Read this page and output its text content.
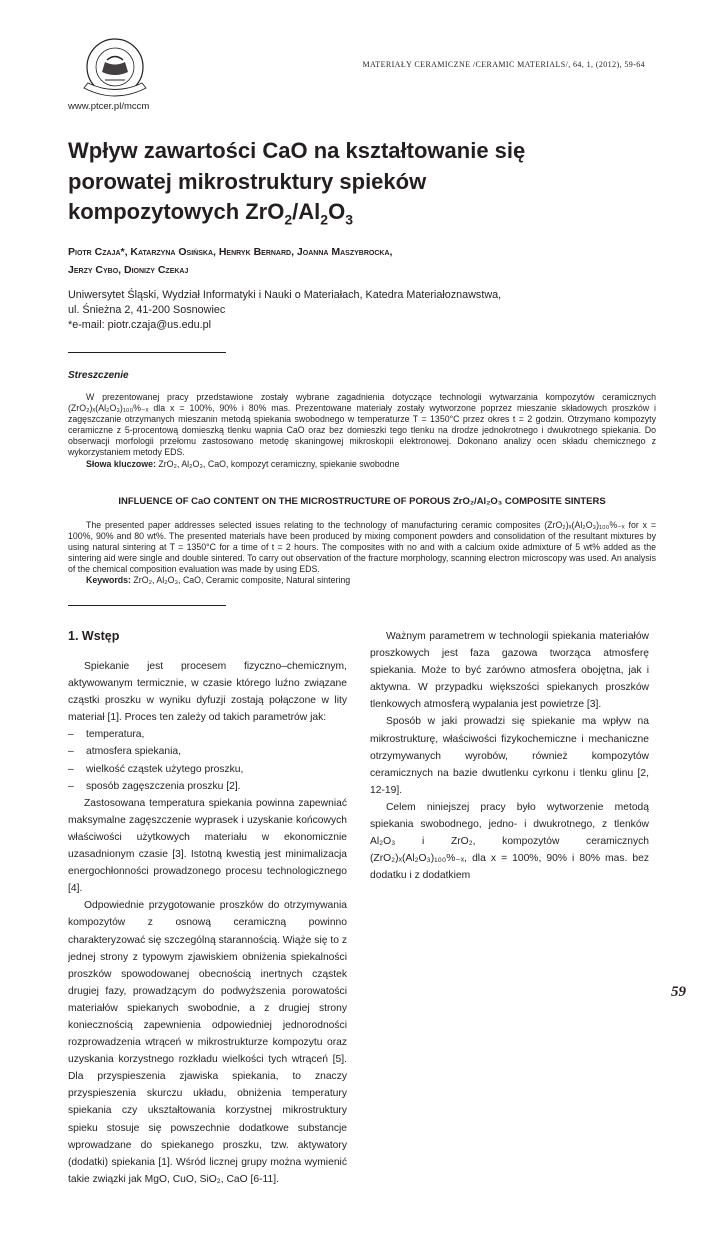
www.ptcer.pl/mccm
MATERIAŁY CERAMICZNE /CERAMIC MATERIALS/, 64, 1, (2012), 59-64
Wpływ zawartości CaO na kształtowanie się
porowatej mikrostruktury spieków
kompozytowych $ZrO_2/Al_2O_3$
Piotr Czaja*, Katarzyna Osińska, Henryk Bernard, Joanna Maszybrocka,
Jerzy Cybo, Dionizy Czekaj
Uniwersytet Śląski, Wydział Informatyki i Nauki o Materiałach, Katedra Materiałoznawstwa,
ul. Śnieżna 2, 41-200 Sosnowiec
*e-mail: piotr.czaja@us.edu.pl
Streszczenie

W prezentowanej pracy przedstawione zostały wybrane zagadnienia dotyczące technologii wytwarzania kompozytów ceramicznych (ZrO₂)ₓ(Al₂O₃)₁₀₀%₋ₓ dla x = 100%, 90% i 80% mas. Prezentowane materiały zostały wytworzone poprzez mieszanie składowych proszków i zagęszczanie otrzymanych mieszanin metodą spiekania swobodnego w temperaturze T = 1350°C przez okres t = 2 godzin. Otrzymano kompozyty ceramiczne z 5-procentową domieszką tlenku wapnia CaO oraz bez domieszki tego tlenku na drodze jednokrotnego i dwukrotnego spiekania. Do obserwacji morfologii przełomu zastosowano metodę skaningowej mikroskopii elektronowej. Dokonano analizy ocen składu chemicznego z wykorzystaniem metody EDS.

Słowa kluczowe: ZrO₂, Al₂O₃, CaO, kompozyt ceramiczny, spiekanie swobodne

INFLUENCE OF CaO CONTENT ON THE MICROSTRUCTURE OF POROUS ZrO₂/Al₂O₃ COMPOSITE SINTERS

The presented paper addresses selected issues relating to the technology of manufacturing ceramic composites (ZrO₂)ₓ(Al₂O₃)₁₀₀%₋ₓ for x = 100%, 90% and 80 wt%. The presented materials have been produced by mixing component powders and consolidation of the resultant mixtures by using natural sintering at T = 1350°C for a time of t = 2 hours. The composites with no and with a calcium oxide admixture of 5 wt% added as the sintering aid were single and double sintered. To carry out observation of the fracture morphology, scanning electron microscopy was used. An analysis of the chemical composition evaluation was made by using EDS.

Keywords: ZrO₂, Al₂O₃, CaO, Ceramic composite, Natural sintering

1. Wstęp

Spiekanie jest procesem fizyczno–chemicznym, aktywowanym termicznie, w czasie którego luźno związane cząstki proszku w wyniku dyfuzji zostają połączone w lity materiał [1]. Proces ten zależy od takich parametrów jak:

– temperatura,
– atmosfera spiekania,
– wielkość cząstek użytego proszku,
– sposób zagęszczenia proszku [2].

Zastosowana temperatura spiekania powinna zapewniać maksymalne zagęszczenie wyprasek i uzyskanie końcowych właściwości użytkowych materiału w ekonomicznie uzasadnionym czasie [3]. Istotną kwestią jest minimalizacja energochłonności prowadzonego procesu technologicznego [4].

Odpowiednie przygotowanie proszków do otrzymywania kompozytów z osnową ceramiczną powinno charakteryzować się szczególną starannością. Wiąże się to z jednej strony z typowym zjawiskiem obniżenia spiekalności proszków spowodowanej obecnością inertnych cząstek drugiej fazy, prowadzącym do podwyższenia porowatości materiałów spiekanych swobodnie, a z drugiej strony koniecznością zapewnienia odpowiedniej jednorodności rozprowadzenia wtrąceń w mikrostrukturze kompozytu oraz uzyskania korzystnego rozkładu wielkości tych wtrąceń [5]. Dla przyspieszenia zjawiska spiekania, to znaczy przyspieszenia skurczu układu, obniżenia temperatury spiekania czy ukształtowania korzystnej mikrostruktury spieku stosuje się powszechnie dodatkowe substancje wprowadzane do spiekanego proszku, tzw. aktywatory (dodatki) spiekania [1]. Wśród licznej grupy można wymienić takie związki jak MgO, CuO, SiO₂, CaO [6-11].

Ważnym parametrem w technologii spiekania materiałów proszkowych jest faza gazowa tworząca atmosferę spiekania. Może to być zarówno atmosfera obojętna, jak i aktywna. W przypadku większości spiekanych proszków tlenkowych atmosferą wypalania jest powietrze [3].

Sposób w jaki prowadzi się spiekanie ma wpływ na mikrostrukturę, właściwości fizykochemiczne i mechaniczne otrzymywanych wyrobów, również kompozytów ceramicznych na bazie dwutlenku cyrkonu i tlenku glinu [2, 12-19].

Celem niniejszej pracy było wytworzenie metodą spiekania swobodnego, jedno- i dwukrotnego, z tlenków Al₂O₃ i ZrO₂, kompozytów ceramicznych (ZrO₂)ₓ(Al₂O₃)₁₀₀%₋ₓ, dla x = 100%, 90% i 80% mas. bez dodatku i z dodatkiem

59
